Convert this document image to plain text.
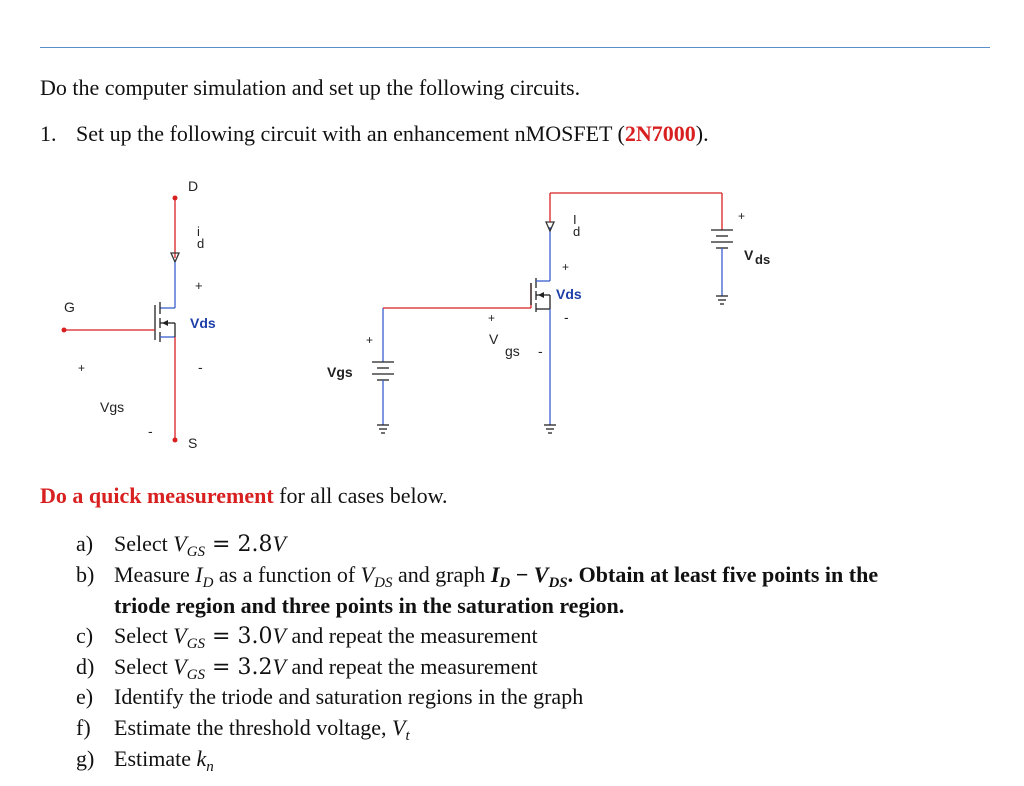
Do the computer simulation and set up the following circuits.
1. Set up the following circuit with an enhancement nMOSFET (2N7000).
D
i
d
+
Vds
-
G
+
Vgs
-
S
+
Vgs
+
V
gs -
I
d
+
Vds
-
+
V ds
Do a quick measurement for all cases below.
a) Select $V_{GS} = 2.8V$
b) Measure $I_D$ as a function of $V_{DS}$ and graph $I_D - V_{DS}$. Obtain at least five points in the
triode region and three points in the saturation region.
c) Select $V_{GS} = 3.0V$ and repeat the measurement
d) Select $V_{GS} = 3.2V$ and repeat the measurement
e) Identify the triode and saturation regions in the graph
f) Estimate the threshold voltage, $V_t$
g) Estimate $k_n$
